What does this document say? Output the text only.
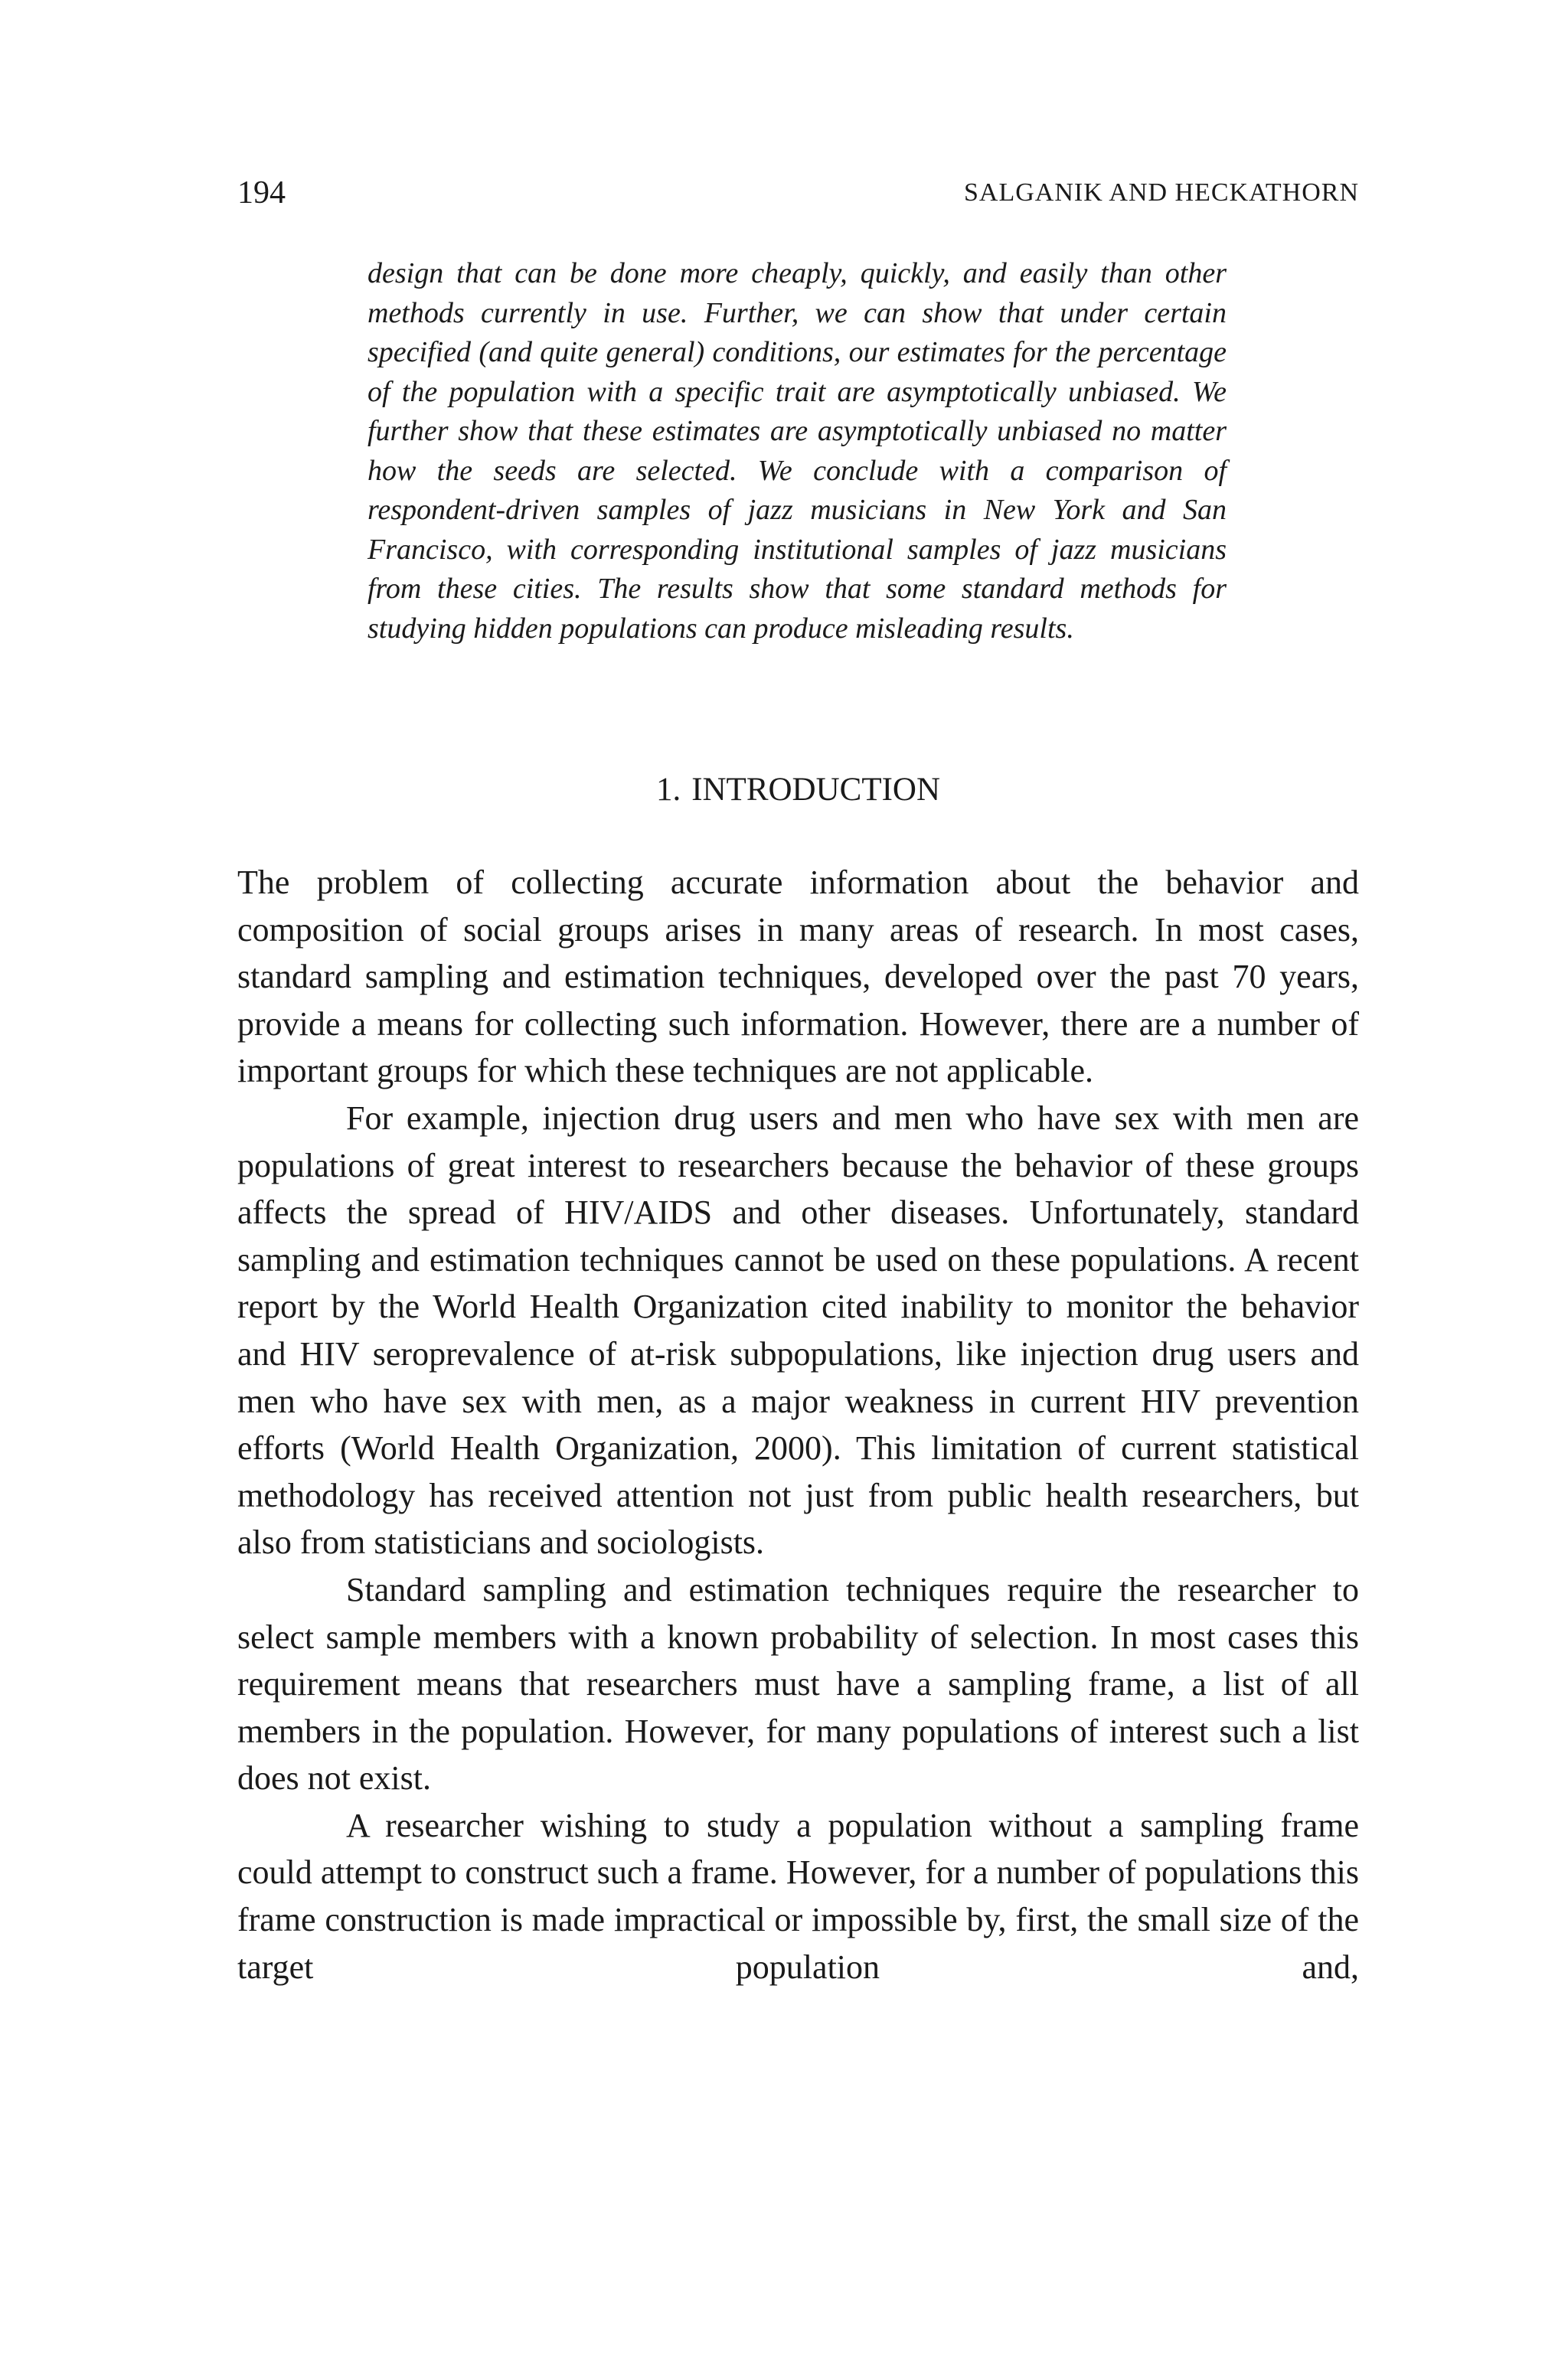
194	SALGANIK AND HECKATHORN

design that can be done more cheaply, quickly, and easily than other methods currently in use. Further, we can show that under certain specified (and quite general) conditions, our estimates for the percentage of the population with a specific trait are asymptotically unbiased. We further show that these estimates are asymptotically unbiased no matter how the seeds are selected. We conclude with a comparison of respondent-driven samples of jazz musicians in New York and San Francisco, with corresponding institutional samples of jazz musicians from these cities. The results show that some standard methods for studying hidden populations can produce misleading results.

1. INTRODUCTION

The problem of collecting accurate information about the behavior and composition of social groups arises in many areas of research. In most cases, standard sampling and estimation techniques, developed over the past 70 years, provide a means for collecting such information. However, there are a number of important groups for which these techniques are not applicable.

For example, injection drug users and men who have sex with men are populations of great interest to researchers because the behavior of these groups affects the spread of HIV/AIDS and other diseases. Unfortunately, standard sampling and estimation techniques cannot be used on these populations. A recent report by the World Health Organization cited inability to monitor the behavior and HIV seroprevalence of at-risk subpopulations, like injection drug users and men who have sex with men, as a major weakness in current HIV prevention efforts (World Health Organization, 2000). This limitation of current statistical methodology has received attention not just from public health researchers, but also from statisticians and sociologists.

Standard sampling and estimation techniques require the researcher to select sample members with a known probability of selection. In most cases this requirement means that researchers must have a sampling frame, a list of all members in the population. However, for many populations of interest such a list does not exist.

A researcher wishing to study a population without a sampling frame could attempt to construct such a frame. However, for a number of populations this frame construction is made impractical or impossible by, first, the small size of the target population and,
